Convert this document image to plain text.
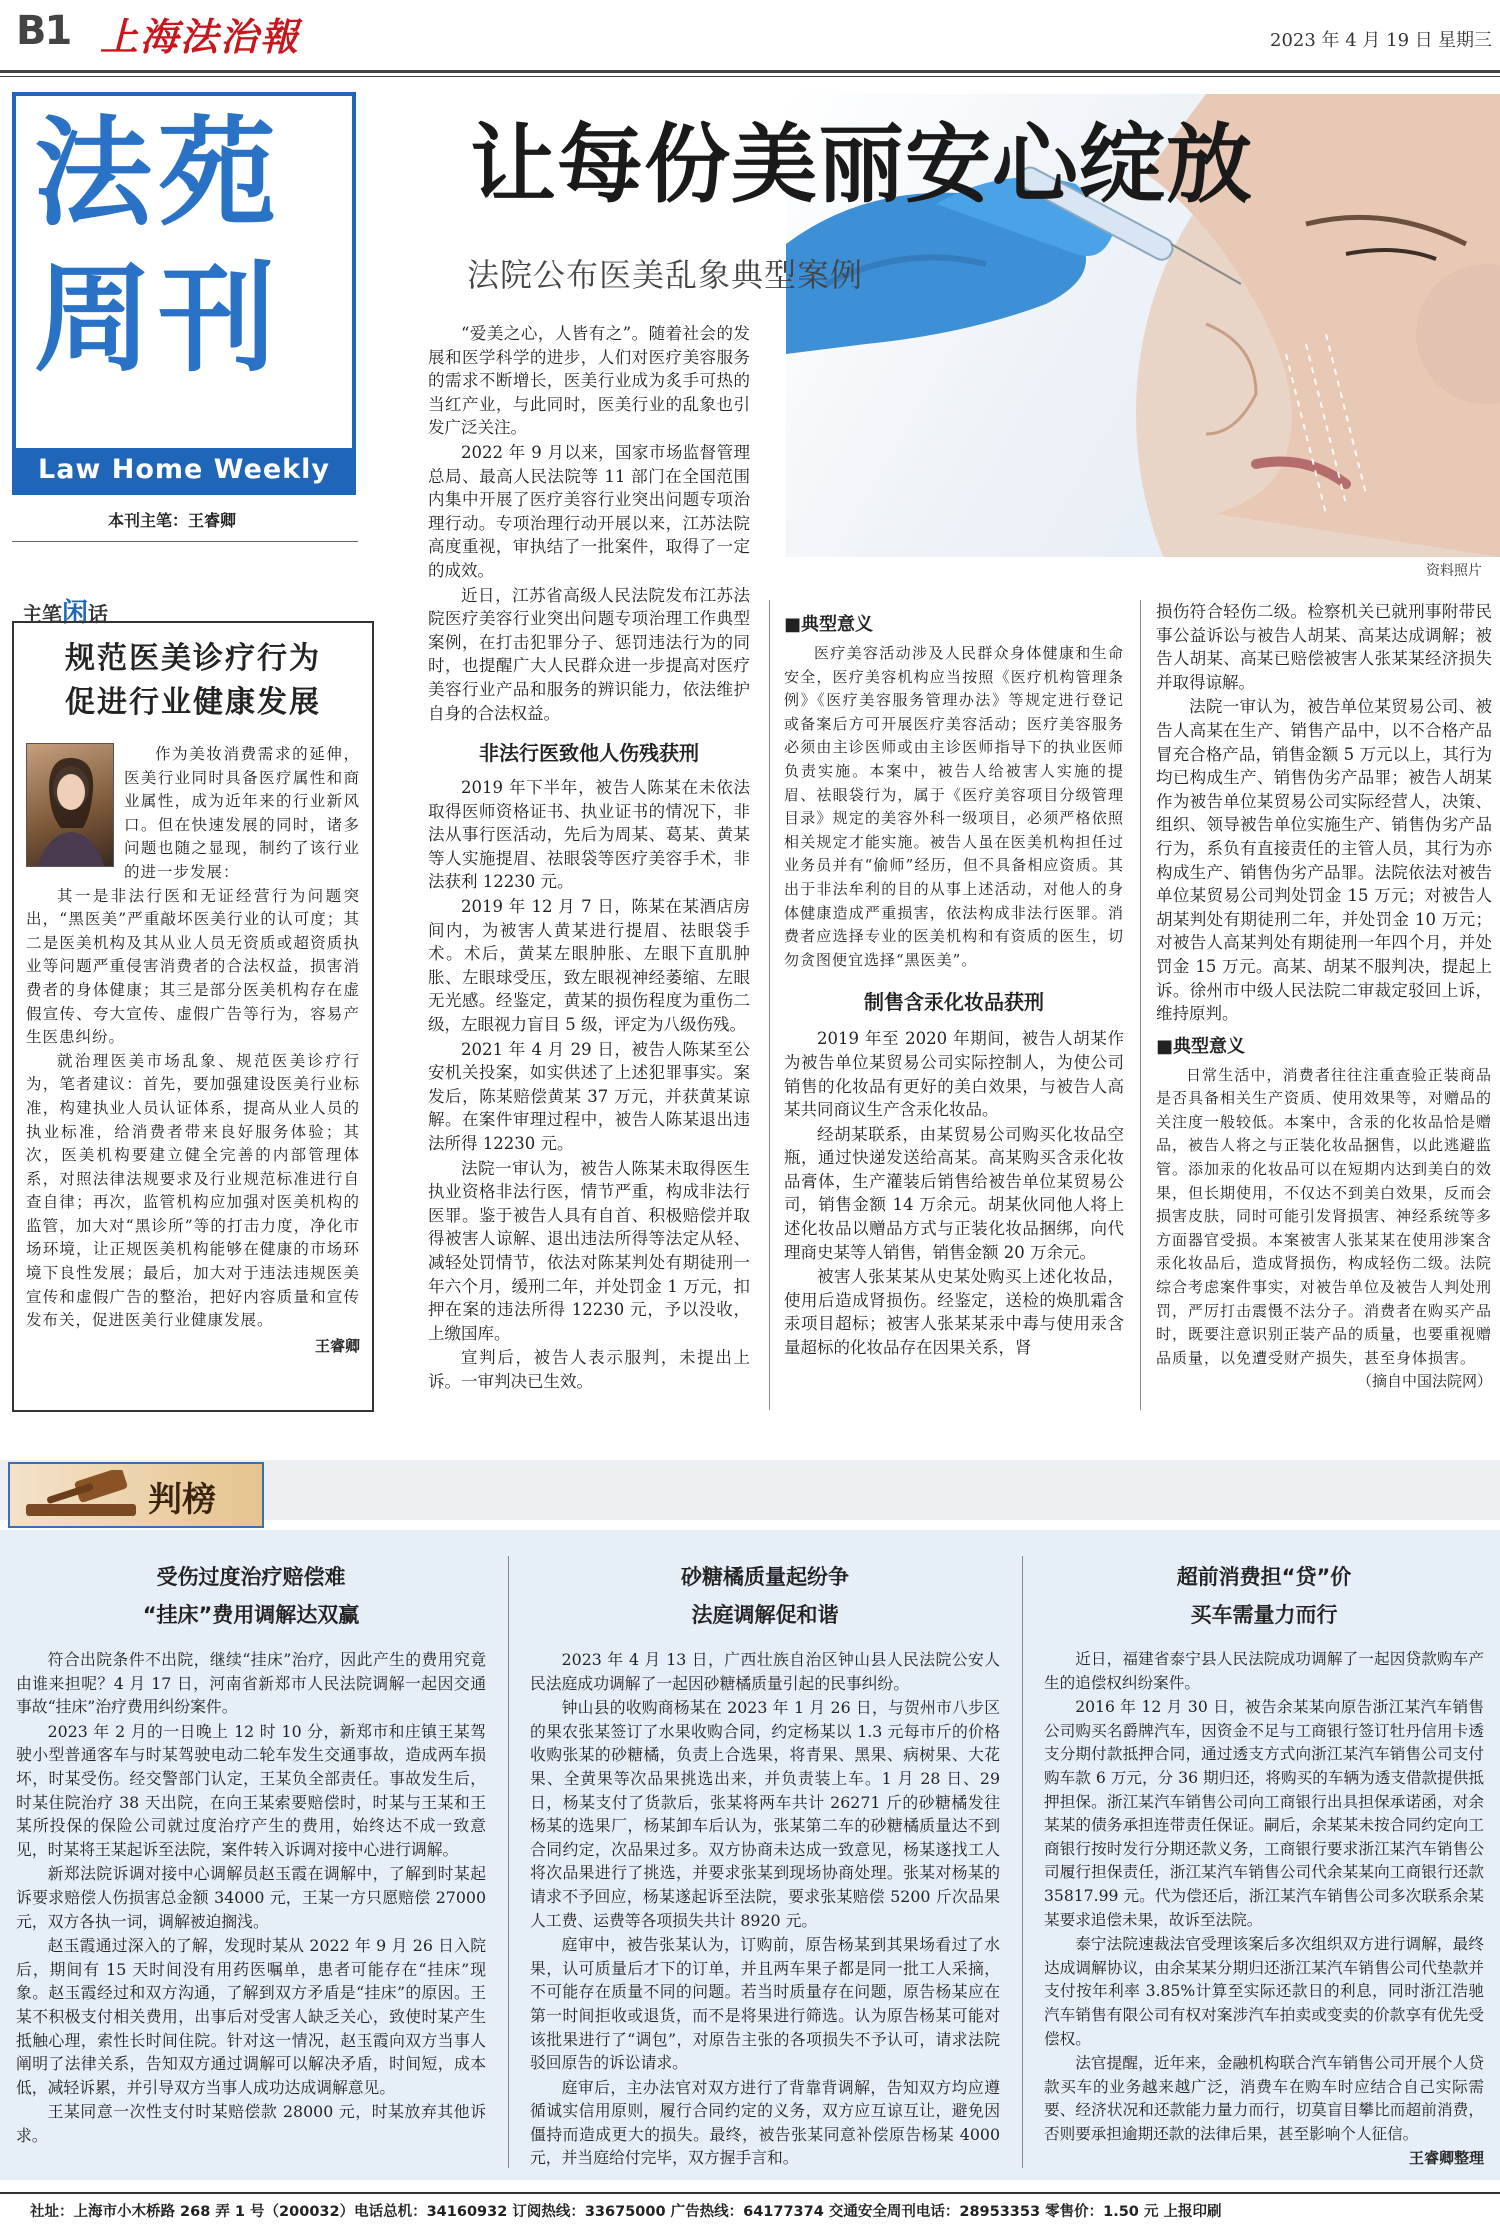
B1 上海法治報	2023 年 4 月 19 日 星期三
法苑
周刊
Law Home Weekly
本刊主笔：王睿卿
让每份美丽安心绽放
法院公布医美乱象典型案例
资料照片
主笔闲话
规范医美诊疗行为
促进行业健康发展
作为美妆消费需求的延伸，医美行业同时具备医疗属性和商业属性，成为近年来的行业新风口。但在快速发展的同时，诸多问题也随之显现，制约了该行业的进一步发展：
其一是非法行医和无证经营行为问题突出，“黑医美”严重敲坏医美行业的认可度；其二是医美机构及其从业人员无资质或超资质执业等问题严重侵害消费者的合法权益，损害消费者的身体健康；其三是部分医美机构存在虚假宣传、夸大宣传、虚假广告等行为，容易产生医患纠纷。
就治理医美市场乱象、规范医美诊疗行为，笔者建议：首先，要加强建设医美行业标准，构建执业人员认证体系，提高从业人员的执业标准，给消费者带来良好服务体验；其次，医美机构要建立健全完善的内部管理体系，对照法律法规要求及行业规范标准进行自查自律；再次，监管机构应加强对医美机构的监管，加大对“黑诊所”等的打击力度，净化市场环境，让正规医美机构能够在健康的市场环境下良性发展；最后，加大对于违法违规医美宣传和虚假广告的整治，把好内容质量和宣传发布关，促进医美行业健康发展。
王睿卿
“爱美之心，人皆有之”。随着社会的发展和医学科学的进步，人们对医疗美容服务的需求不断增长，医美行业成为炙手可热的当红产业，与此同时，医美行业的乱象也引发广泛关注。
2022 年 9 月以来，国家市场监督管理总局、最高人民法院等 11 部门在全国范围内集中开展了医疗美容行业突出问题专项治理行动。专项治理行动开展以来，江苏法院高度重视，审执结了一批案件，取得了一定的成效。
近日，江苏省高级人民法院发布江苏法院医疗美容行业突出问题专项治理工作典型案例，在打击犯罪分子、惩罚违法行为的同时，也提醒广大人民群众进一步提高对医疗美容行业产品和服务的辨识能力，依法维护自身的合法权益。
非法行医致他人伤残获刑
2019 年下半年，被告人陈某在未依法取得医师资格证书、执业证书的情况下，非法从事行医活动，先后为周某、葛某、黄某等人实施提眉、祛眼袋等医疗美容手术，非法获利 12230 元。
2019 年 12 月 7 日，陈某在某酒店房间内，为被害人黄某进行提眉、祛眼袋手术。术后，黄某左眼肿胀、左眼下直肌肿胀、左眼球受压，致左眼视神经萎缩、左眼无光感。经鉴定，黄某的损伤程度为重伤二级，左眼视力盲目 5 级，评定为八级伤残。
2021 年 4 月 29 日，被告人陈某至公安机关投案，如实供述了上述犯罪事实。案发后，陈某赔偿黄某 37 万元，并获黄某谅解。在案件审理过程中，被告人陈某退出违法所得 12230 元。
法院一审认为，被告人陈某未取得医生执业资格非法行医，情节严重，构成非法行医罪。鉴于被告人具有自首、积极赔偿并取得被害人谅解、退出违法所得等法定从轻、减轻处罚情节，依法对陈某判处有期徒刑一年六个月，缓刑二年，并处罚金 1 万元，扣押在案的违法所得 12230 元，予以没收，上缴国库。
宣判后，被告人表示服判，未提出上诉。一审判决已生效。
■典型意义
医疗美容活动涉及人民群众身体健康和生命安全，医疗美容机构应当按照《医疗机构管理条例》《医疗美容服务管理办法》等规定进行登记或备案后方可开展医疗美容活动；医疗美容服务必须由主诊医师或由主诊医师指导下的执业医师负责实施。本案中，被告人给被害人实施的提眉、祛眼袋行为，属于《医疗美容项目分级管理目录》规定的美容外科一级项目，必须严格依照相关规定才能实施。被告人虽在医美机构担任过业务员并有“偷师”经历，但不具备相应资质。其出于非法牟利的目的从事上述活动，对他人的身体健康造成严重损害，依法构成非法行医罪。消费者应选择专业的医美机构和有资质的医生，切勿贪图便宜选择“黑医美”。
制售含汞化妆品获刑
2019 年至 2020 年期间，被告人胡某作为被告单位某贸易公司实际控制人，为使公司销售的化妆品有更好的美白效果，与被告人高某共同商议生产含汞化妆品。
经胡某联系，由某贸易公司购买化妆品空瓶，通过快递发送给高某。高某购买含汞化妆品膏体，生产灌装后销售给被告单位某贸易公司，销售金额 14 万余元。胡某伙同他人将上述化妆品以赠品方式与正装化妆品捆绑，向代理商史某等人销售，销售金额 20 万余元。
被害人张某某从史某处购买上述化妆品，使用后造成肾损伤。经鉴定，送检的焕肌霜含汞项目超标；被害人张某某汞中毒与使用汞含量超标的化妆品存在因果关系，肾
损伤符合轻伤二级。检察机关已就刑事附带民事公益诉讼与被告人胡某、高某达成调解；被告人胡某、高某已赔偿被害人张某某经济损失并取得谅解。
法院一审认为，被告单位某贸易公司、被告人高某在生产、销售产品中，以不合格产品冒充合格产品，销售金额 5 万元以上，其行为均已构成生产、销售伪劣产品罪；被告人胡某作为被告单位某贸易公司实际经营人，决策、组织、领导被告单位实施生产、销售伪劣产品行为，系负有直接责任的主管人员，其行为亦构成生产、销售伪劣产品罪。法院依法对被告单位某贸易公司判处罚金 15 万元；对被告人胡某判处有期徒刑二年，并处罚金 10 万元；对被告人高某判处有期徒刑一年四个月，并处罚金 15 万元。高某、胡某不服判决，提起上诉。徐州市中级人民法院二审裁定驳回上诉，维持原判。
■典型意义
日常生活中，消费者往往注重查验正装商品是否具备相关生产资质、使用效果等，对赠品的关注度一般较低。本案中，含汞的化妆品恰是赠品，被告人将之与正装化妆品捆售，以此逃避监管。添加汞的化妆品可以在短期内达到美白的效果，但长期使用，不仅达不到美白效果，反而会损害皮肤，同时可能引发肾损害、神经系统等多方面器官受损。本案被害人张某某在使用涉案含汞化妆品后，造成肾损伤，构成轻伤二级。法院综合考虑案件事实，对被告单位及被告人判处刑罚，严厉打击震慑不法分子。消费者在购买产品时，既要注意识别正装产品的质量，也要重视赠品质量，以免遭受财产损失，甚至身体损害。
（摘自中国法院网）
判榜
受伤过度治疗赔偿难
“挂床”费用调解达双赢
符合出院条件不出院，继续“挂床”治疗，因此产生的费用究竟由谁来担呢？4 月 17 日，河南省新郑市人民法院调解一起因交通事故“挂床”治疗费用纠纷案件。
2023 年 2 月的一日晚上 12 时 10 分，新郑市和庄镇王某驾驶小型普通客车与时某驾驶电动二轮车发生交通事故，造成两车损坏，时某受伤。经交警部门认定，王某负全部责任。事故发生后，时某住院治疗 38 天出院，在向王某索要赔偿时，时某与王某和王某所投保的保险公司就过度治疗产生的费用，始终达不成一致意见，时某将王某起诉至法院，案件转入诉调对接中心进行调解。
新郑法院诉调对接中心调解员赵玉霞在调解中，了解到时某起诉要求赔偿人伤损害总金额 34000 元，王某一方只愿赔偿 27000 元，双方各执一词，调解被迫搁浅。
赵玉霞通过深入的了解，发现时某从 2022 年 9 月 26 日入院后，期间有 15 天时间没有用药医嘱单，患者可能存在“挂床”现象。赵玉霞经过和双方沟通，了解到双方矛盾是“挂床”的原因。王某不积极支付相关费用，出事后对受害人缺乏关心，致使时某产生抵触心理，索性长时间住院。针对这一情况，赵玉霞向双方当事人阐明了法律关系，告知双方通过调解可以解决矛盾，时间短，成本低，减轻诉累，并引导双方当事人成功达成调解意见。
王某同意一次性支付时某赔偿款 28000 元，时某放弃其他诉求。
砂糖橘质量起纷争
法庭调解促和谐
2023 年 4 月 13 日，广西壮族自治区钟山县人民法院公安人民法庭成功调解了一起因砂糖橘质量引起的民事纠纷。
钟山县的收购商杨某在 2023 年 1 月 26 日，与贺州市八步区的果农张某签订了水果收购合同，约定杨某以 1.3 元每市斤的价格收购张某的砂糖橘，负责上合选果，将青果、黑果、病树果、大花果、全黄果等次品果挑选出来，并负责装上车。1 月 28 日、29 日，杨某支付了货款后，张某将两车共计 26271 斤的砂糖橘发往杨某的选果厂，杨某卸车后认为，张某第二车的砂糖橘质量达不到合同约定，次品果过多。双方协商未达成一致意见，杨某遂找工人将次品果进行了挑选，并要求张某到现场协商处理。张某对杨某的请求不予回应，杨某遂起诉至法院，要求张某赔偿 5200 斤次品果人工费、运费等各项损失共计 8920 元。
庭审中，被告张某认为，订购前，原告杨某到其果场看过了水果，认可质量后才下的订单，并且两车果子都是同一批工人采摘，不可能存在质量不同的问题。若当时质量存在问题，原告杨某应在第一时间拒收或退货，而不是将果进行筛选。认为原告杨某可能对该批果进行了“调包”，对原告主张的各项损失不予认可，请求法院驳回原告的诉讼请求。
庭审后，主办法官对双方进行了背靠背调解，告知双方均应遵循诚实信用原则，履行合同约定的义务，双方应互谅互让，避免因僵持而造成更大的损失。最终，被告张某同意补偿原告杨某 4000 元，并当庭给付完毕，双方握手言和。
超前消费担“贷”价
买车需量力而行
近日，福建省泰宁县人民法院成功调解了一起因贷款购车产生的追偿权纠纷案件。
2016 年 12 月 30 日，被告余某某向原告浙江某汽车销售公司购买名爵牌汽车，因资金不足与工商银行签订牡丹信用卡透支分期付款抵押合同，通过透支方式向浙江某汽车销售公司支付购车款 6 万元，分 36 期归还，将购买的车辆为透支借款提供抵押担保。浙江某汽车销售公司向工商银行出具担保承诺函，对余某某的债务承担连带责任保证。嗣后，余某某未按合同约定向工商银行按时发行分期还款义务，工商银行要求浙江某汽车销售公司履行担保责任，浙江某汽车销售公司代余某某向工商银行还款 35817.99 元。代为偿还后，浙江某汽车销售公司多次联系余某某要求追偿未果，故诉至法院。
泰宁法院速裁法官受理该案后多次组织双方进行调解，最终达成调解协议，由余某某分期归还浙江某汽车销售公司代垫款并支付按年利率 3.85%计算至实际还款日的利息，同时浙江浩驰汽车销售有限公司有权对案涉汽车拍卖或变卖的价款享有优先受偿权。
法官提醒，近年来，金融机构联合汽车销售公司开展个人贷款买车的业务越来越广泛，消费车在购车时应结合自己实际需要、经济状况和还款能力量力而行，切莫盲目攀比而超前消费，否则要承担逾期还款的法律后果，甚至影响个人征信。
王睿卿整理
社址：上海市小木桥路 268 弄 1 号（200032）电话总机：34160932 订阅热线：33675000 广告热线：64177374 交通安全周刊电话：28953353 零售价：1.50 元 上报印刷
